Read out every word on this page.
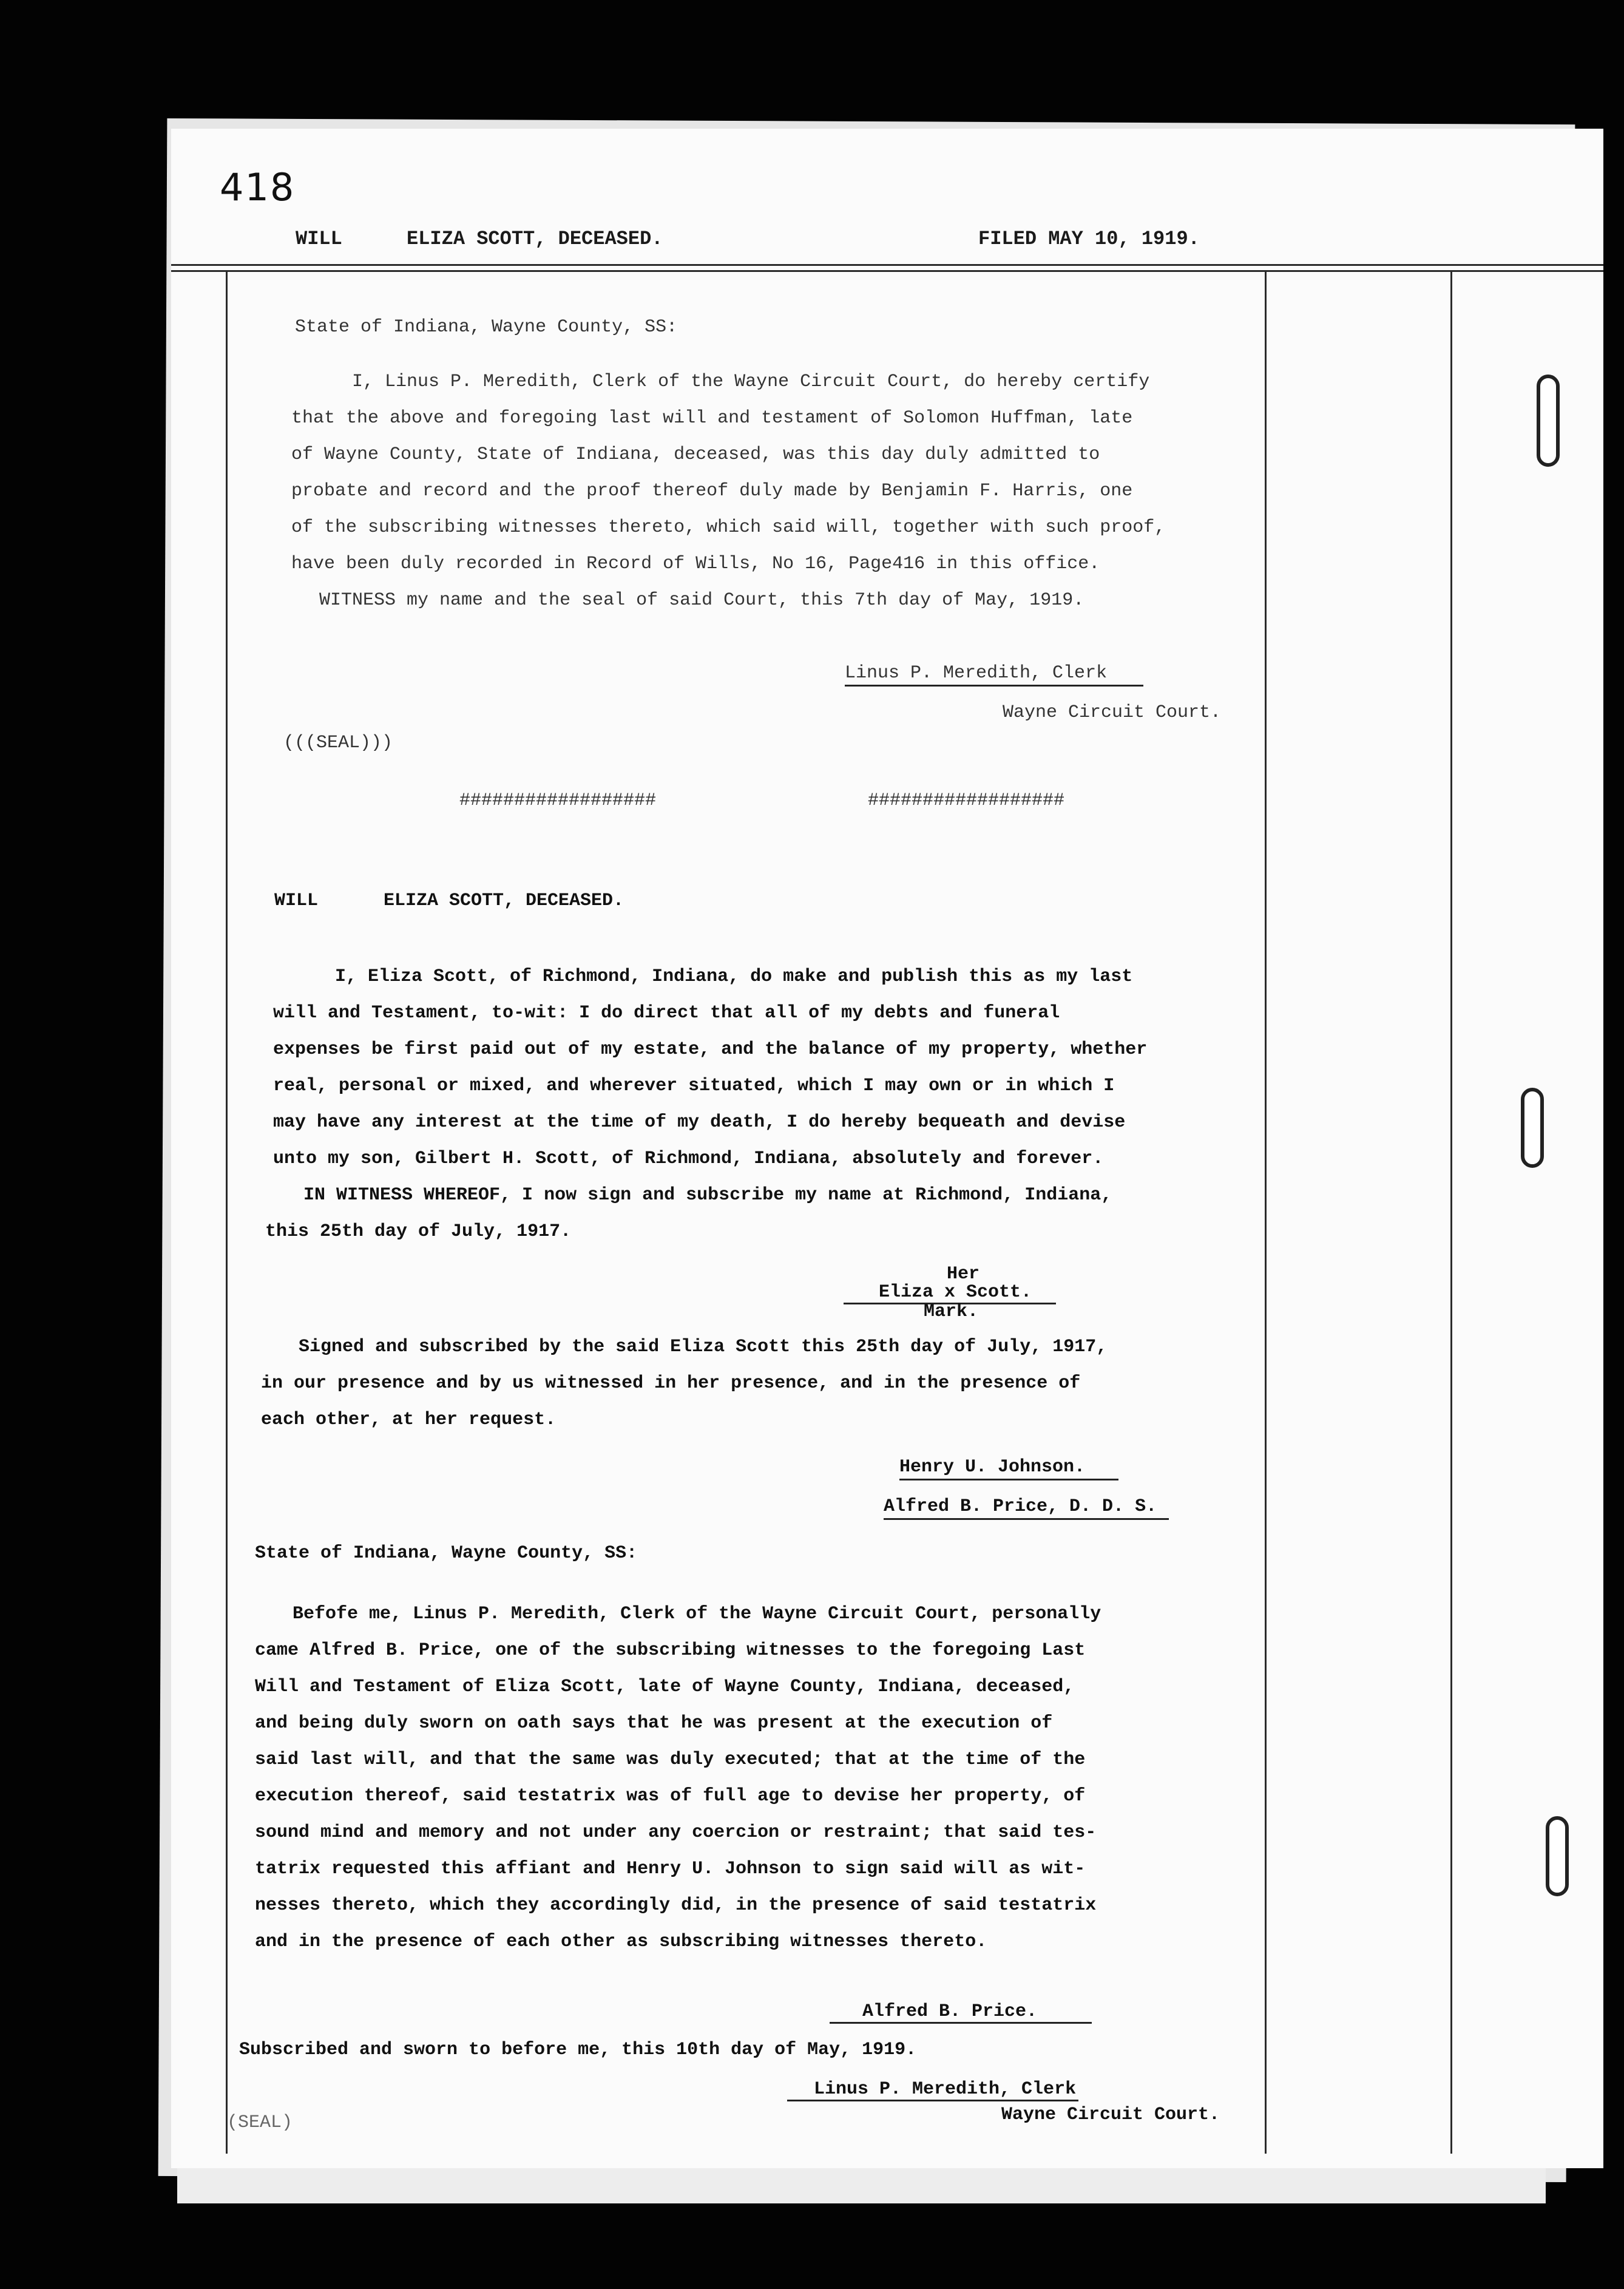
418
WILL	ELIZA SCOTT, DECEASED.	FILED MAY 10, 1919.
State of Indiana, Wayne County, SS:
I, Linus P. Meredith, Clerk of the Wayne Circuit Court, do hereby certify
that the above and foregoing last will and testament of Solomon Huffman, late
of Wayne County, State of Indiana, deceased, was this day duly admitted to
probate and record and the proof thereof duly made by Benjamin F. Harris, one
of the subscribing witnesses thereto, which said will, together with such proof,
have been duly recorded in Record of Wills, No 16, Page416 in this office.
WITNESS my name and the seal of said Court, this 7th day of May, 1919.
Linus P. Meredith, Clerk
Wayne Circuit Court.
(((SEAL)))
##################	##################
WILL	ELIZA SCOTT, DECEASED.
I, Eliza Scott, of Richmond, Indiana, do make and publish this as my last
will and Testament, to-wit: I do direct that all of my debts and funeral
expenses be first paid out of my estate, and the balance of my property, whether
real, personal or mixed, and wherever situated, which I may own or in which I
may have any interest at the time of my death, I do hereby bequeath and devise
unto my son, Gilbert H. Scott, of Richmond, Indiana, absolutely and forever.
IN WITNESS WHEREOF, I now sign and subscribe my name at Richmond, Indiana,
this 25th day of July, 1917.
Her
Eliza x Scott.
Mark.
Signed and subscribed by the said Eliza Scott this 25th day of July, 1917,
in our presence and by us witnessed in her presence, and in the presence of
each other, at her request.
Henry U. Johnson.
Alfred B. Price, D. D. S.
State of Indiana, Wayne County, SS:
Befofe me, Linus P. Meredith, Clerk of the Wayne Circuit Court, personally
came Alfred B. Price, one of the subscribing witnesses to the foregoing Last
Will and Testament of Eliza Scott, late of Wayne County, Indiana, deceased,
and being duly sworn on oath says that he was present at the execution of
said last will, and that the same was duly executed; that at the time of the
execution thereof, said testatrix was of full age to devise her property, of
sound mind and memory and not under any coercion or restraint; that said tes-
tatrix requested this affiant and Henry U. Johnson to sign said will as wit-
nesses thereto, which they accordingly did, in the presence of said testatrix
and in the presence of each other as subscribing witnesses thereto.
Alfred B. Price.
Subscribed and sworn to before me, this 10th day of May, 1919.
Linus P. Meredith, Clerk
Wayne Circuit Court.
(SEAL)
